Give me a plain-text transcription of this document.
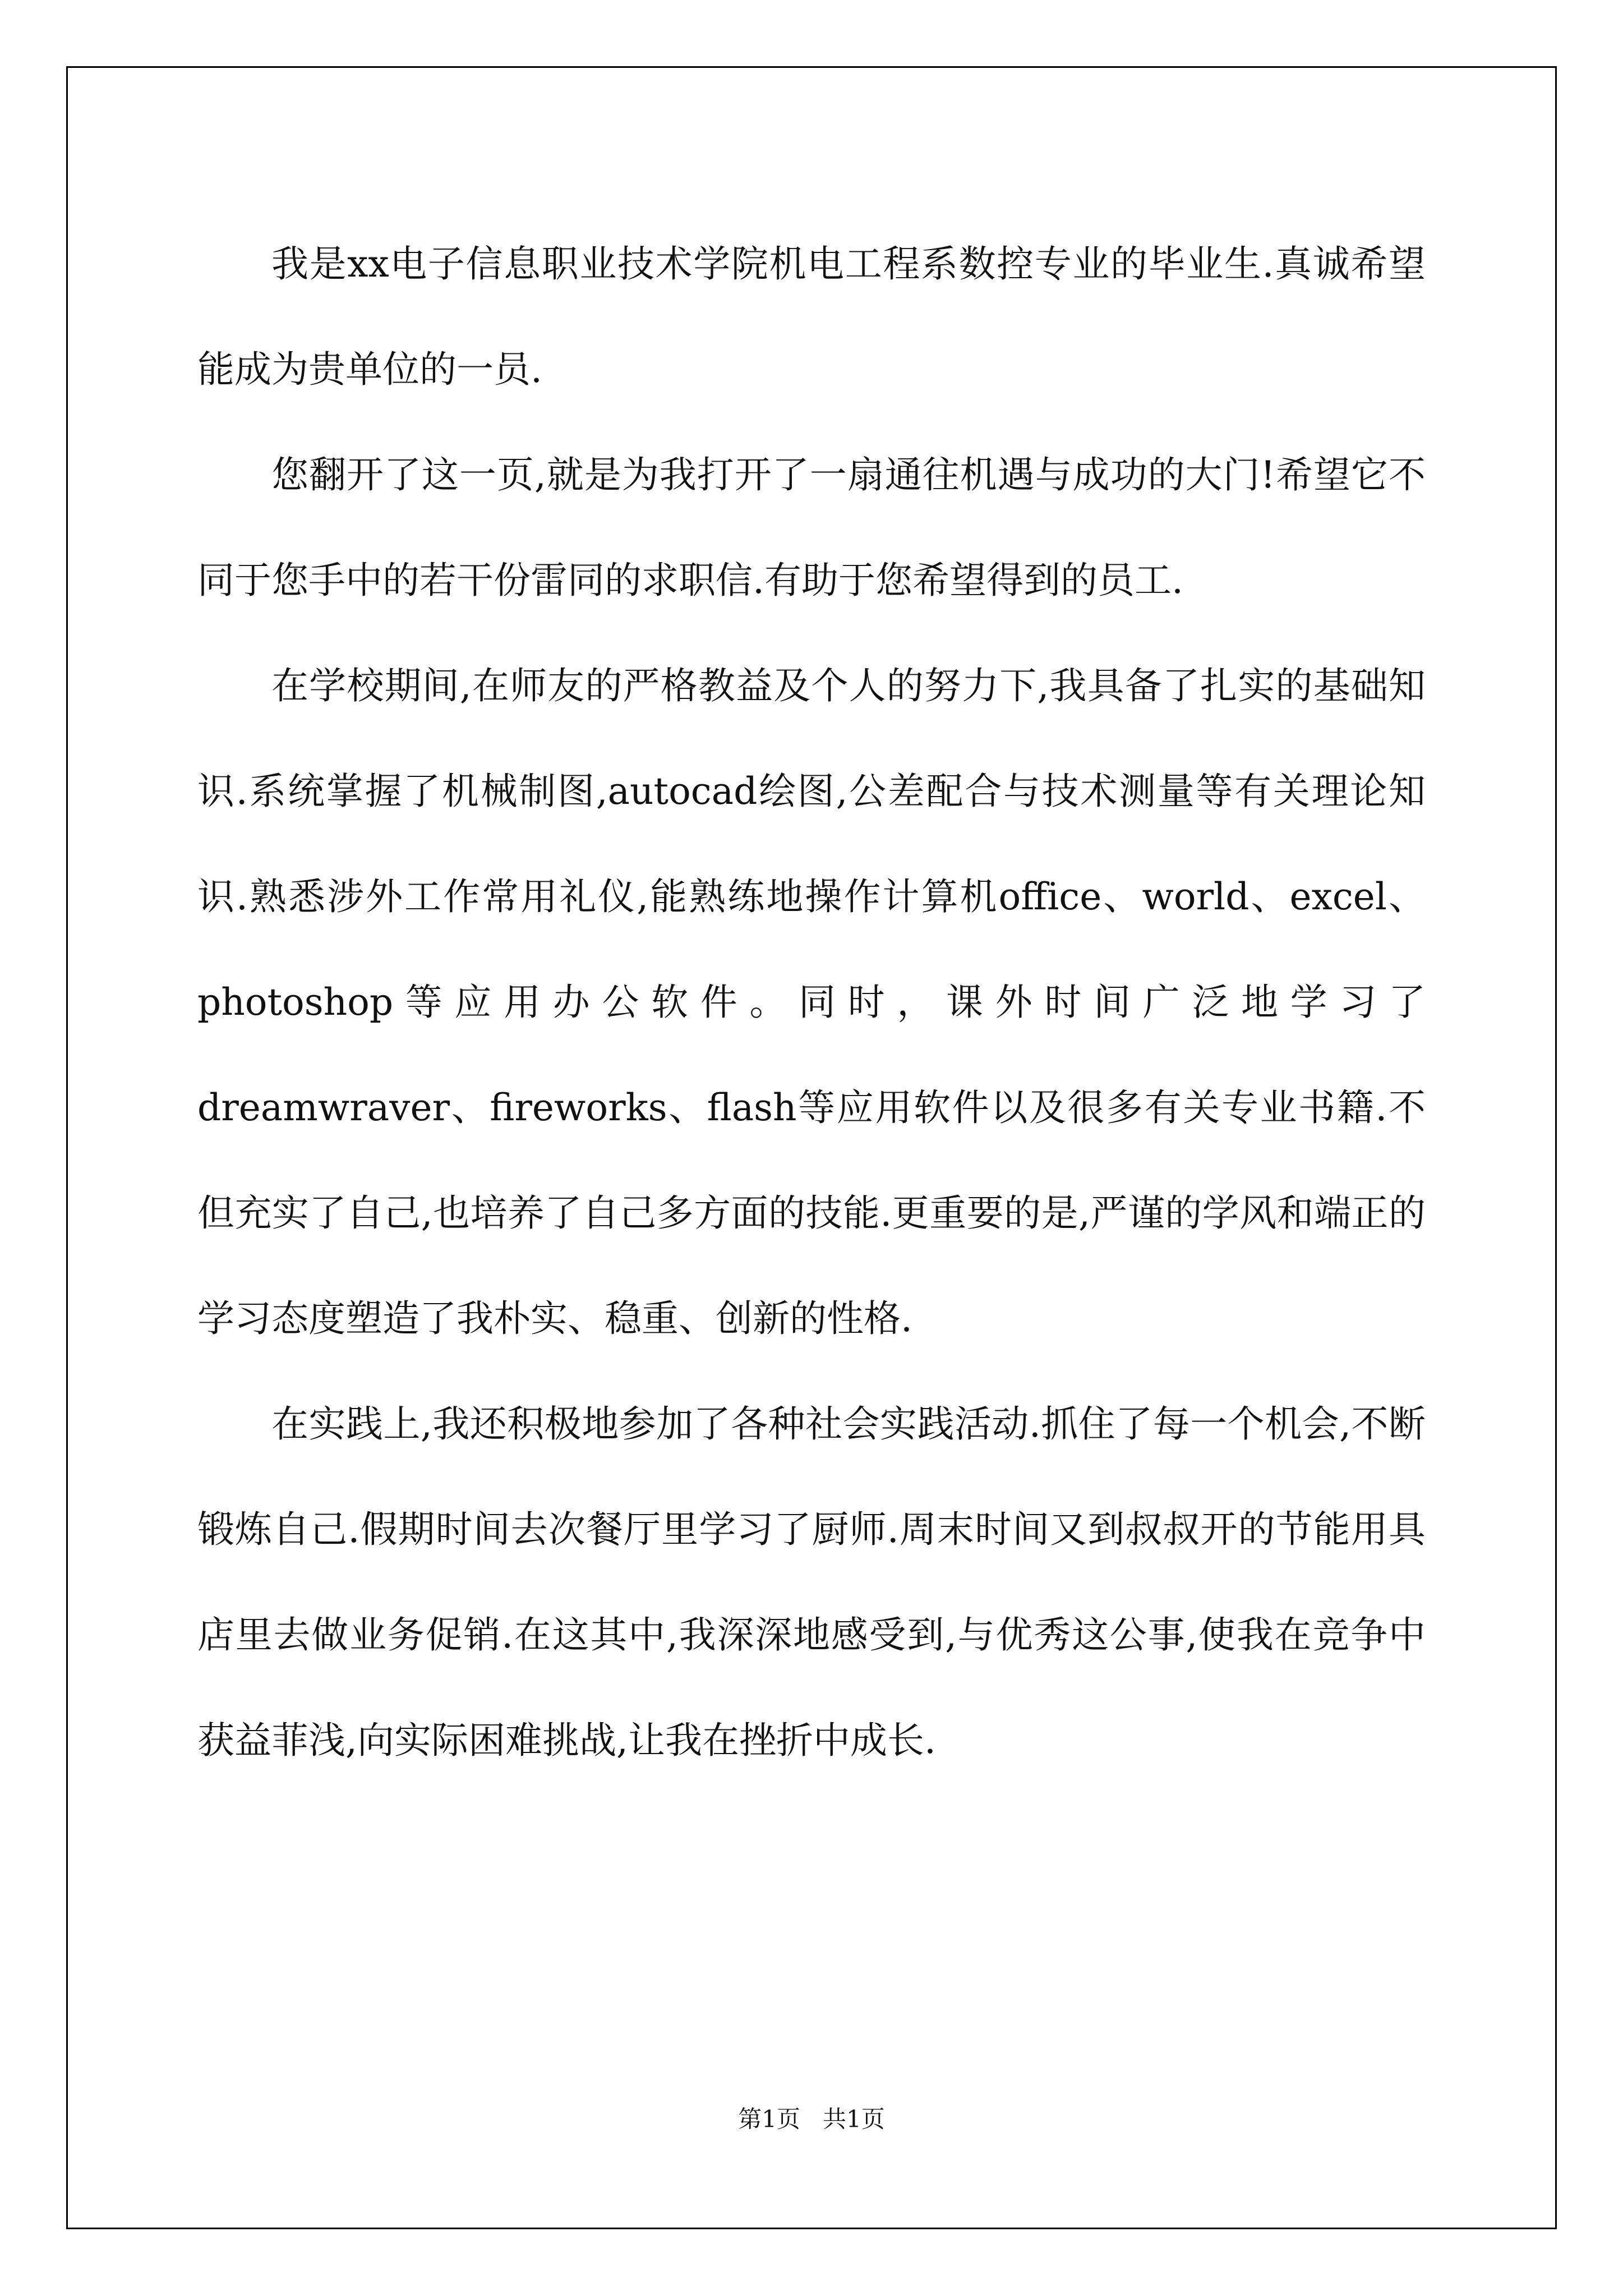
我是xx电子信息职业技术学院机电工程系数控专业的毕业生.真诚希望能成为贵单位的一员.

您翻开了这一页,就是为我打开了一扇通往机遇与成功的大门!希望它不同于您手中的若干份雷同的求职信.有助于您希望得到的员工.

在学校期间,在师友的严格教益及个人的努力下,我具备了扎实的基础知识.系统掌握了机械制图,autocad绘图,公差配合与技术测量等有关理论知识.熟悉涉外工作常用礼仪,能熟练地操作计算机office、world、excel、photoshop等应用办公软件。同时，课外时间广泛地学习了dreamwraver、fireworks、flash等应用软件以及很多有关专业书籍.不但充实了自己,也培养了自己多方面的技能.更重要的是,严谨的学风和端正的学习态度塑造了我朴实、稳重、创新的性格.

在实践上,我还积极地参加了各种社会实践活动.抓住了每一个机会,不断锻炼自己.假期时间去次餐厅里学习了厨师.周末时间又到叔叔开的节能用具店里去做业务促销.在这其中,我深深地感受到,与优秀这公事,使我在竞争中获益菲浅,向实际困难挑战,让我在挫折中成长.

第1页 共1页
